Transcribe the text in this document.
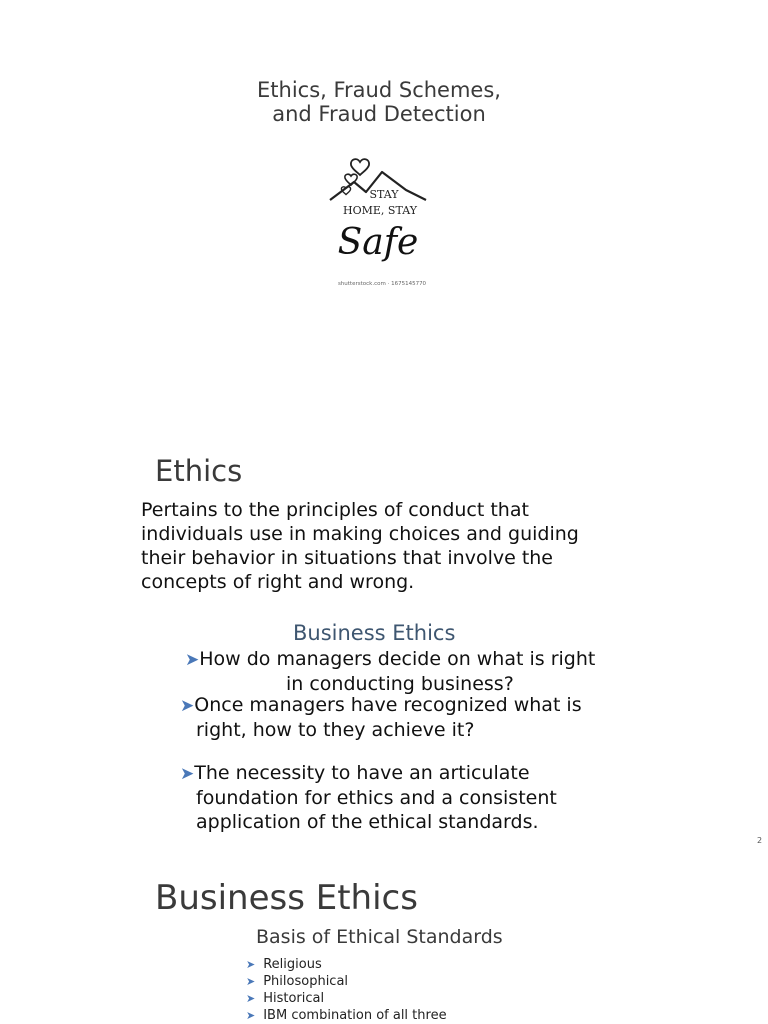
Ethics, Fraud Schemes,
and Fraud Detection
STAY
HOME, STAY
Safe
shutterstock.com · 1675145770
Ethics
Pertains to the principles of conduct that
individuals use in making choices and guiding
their behavior in situations that involve the
concepts of right and wrong.
Business Ethics
➤How do managers decide on what is right
in conducting business?
➤Once managers have recognized what is
right, how to they achieve it?
➤The necessity to have an articulate
foundation for ethics and a consistent
application of the ethical standards.
2
Business Ethics
Basis of Ethical Standards
➤ Religious
➤ Philosophical
➤ Historical
➤ IBM combination of all three
